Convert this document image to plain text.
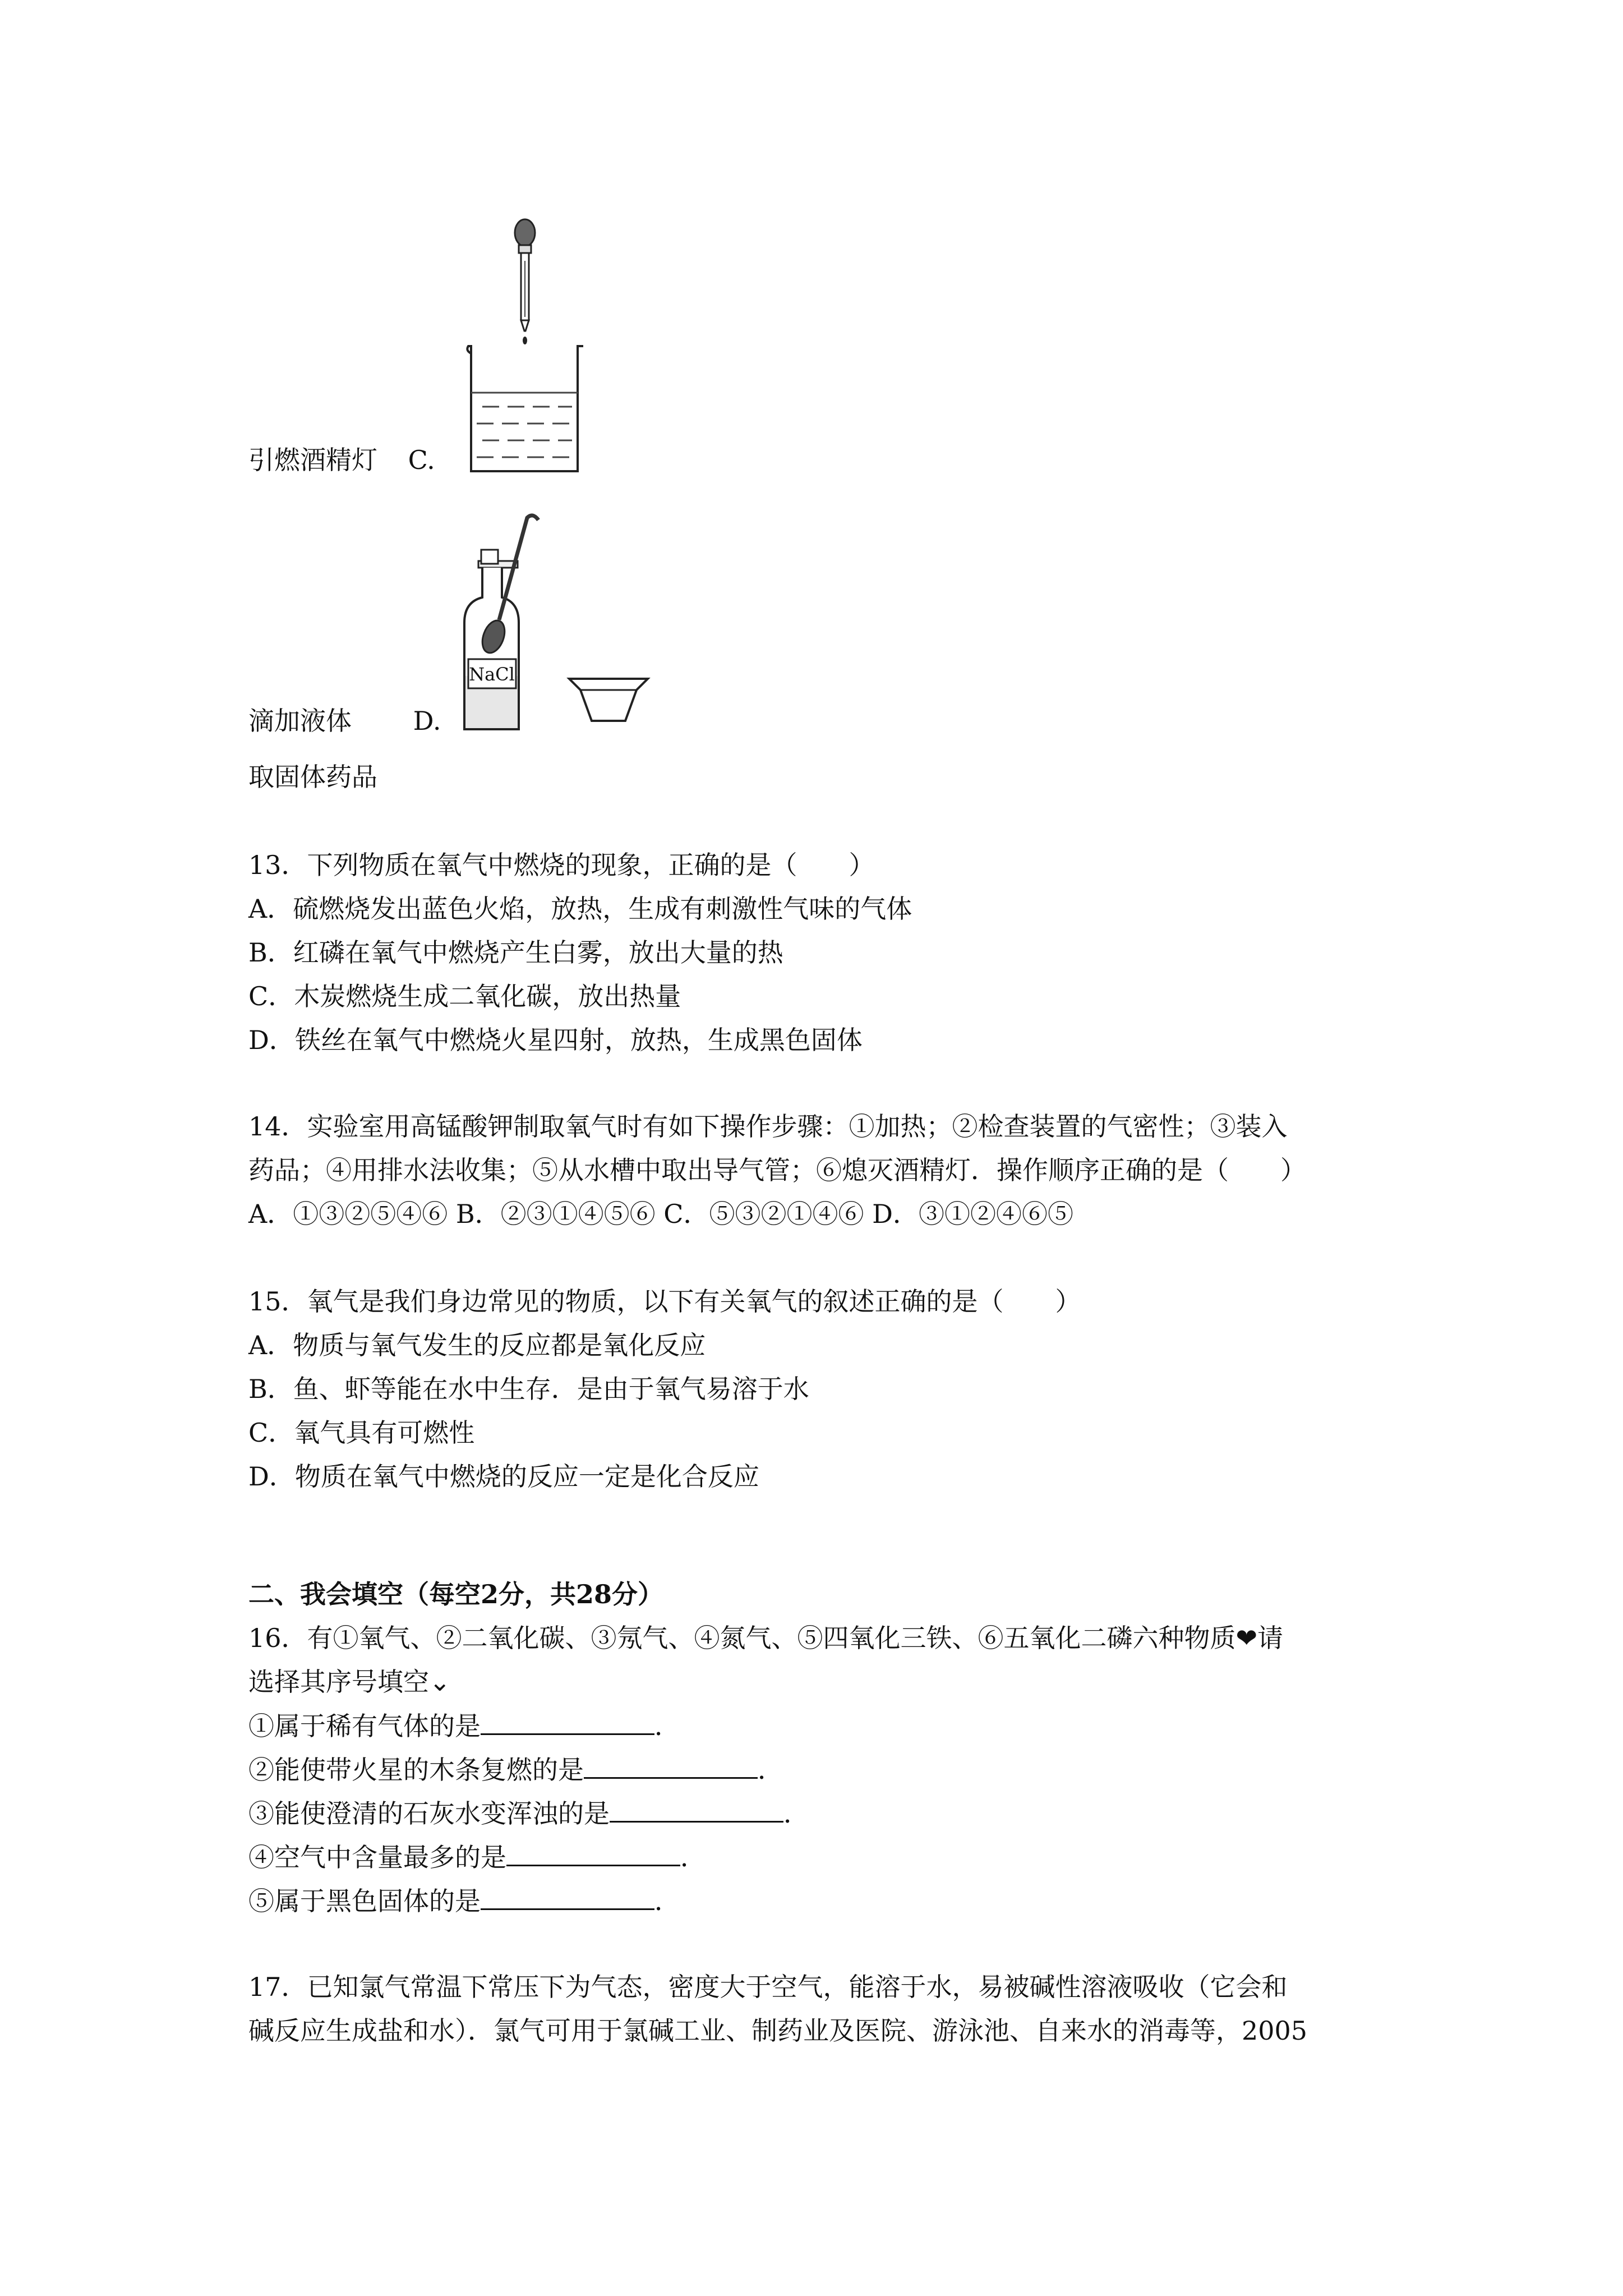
引燃酒精灯 C.
NaCl
滴加液体 D.
取固体药品
13．下列物质在氧气中燃烧的现象，正确的是（　　）
A．硫燃烧发出蓝色火焰，放热，生成有刺激性气味的气体
B．红磷在氧气中燃烧产生白雾，放出大量的热
C．木炭燃烧生成二氧化碳，放出热量
D．铁丝在氧气中燃烧火星四射，放热，生成黑色固体
14．实验室用高锰酸钾制取氧气时有如下操作步骤：①加热；②检查装置的气密性；③装入
药品；④用排水法收集；⑤从水槽中取出导气管；⑥熄灭酒精灯．操作顺序正确的是（　　）
A．①③②⑤④⑥ B．②③①④⑤⑥ C．⑤③②①④⑥ D．③①②④⑥⑤
15．氧气是我们身边常见的物质，以下有关氧气的叙述正确的是（　　）
A．物质与氧气发生的反应都是氧化反应
B．鱼、虾等能在水中生存．是由于氧气易溶于水
C．氧气具有可燃性
D．物质在氧气中燃烧的反应一定是化合反应
二、我会填空（每空2分，共28分）
16．有①氧气、②二氧化碳、③氖气、④氮气、⑤四氧化三铁、⑥五氧化二磷六种物质❤请
选择其序号填空⌄
①属于稀有气体的是	．
②能使带火星的木条复燃的是	．
③能使澄清的石灰水变浑浊的是	．
④空气中含量最多的是	．
⑤属于黑色固体的是	．
17．已知氯气常温下常压下为气态，密度大于空气，能溶于水，易被碱性溶液吸收（它会和
碱反应生成盐和水）．氯气可用于氯碱工业、制药业及医院、游泳池、自来水的消毒等，2005
